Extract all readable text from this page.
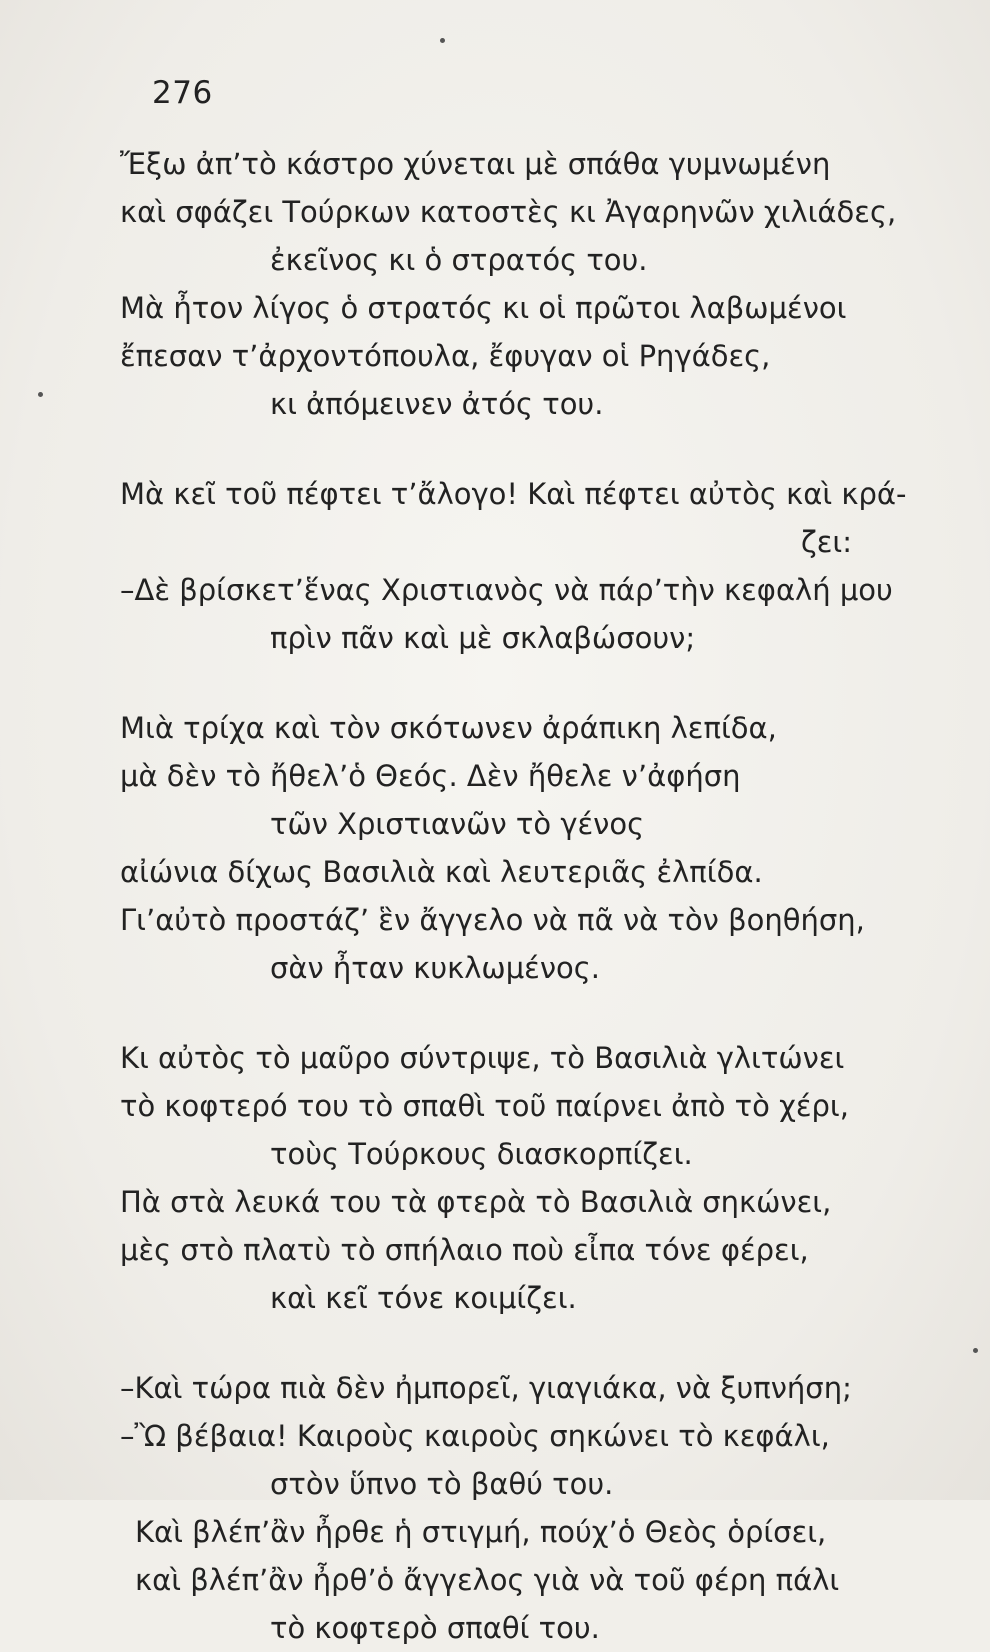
276
Ἔξω ἀπ’τὸ κάστρο χύνεται μὲ σπάθα γυμνωμένη
καὶ σφάζει Τούρκων κατοστὲς κι Ἀγαρηνῶν χιλιάδες,
ἐκεῖνος κι ὁ στρατός του.
Μὰ ἦτον λίγος ὁ στρατός κι οἱ πρῶτοι λαβωμένοι
ἔπεσαν τ’ἀρχοντόπουλα, ἔφυγαν οἱ Ρηγάδες,
κι ἀπόμεινεν ἀτός του.
Μὰ κεῖ τοῦ πέφτει τ’ἄλογο! Καὶ πέφτει αὐτὸς καὶ κρά-
ζει:
–Δὲ βρίσκετ’ἕνας Χριστιανὸς νὰ πάρ’τὴν κεφαλή μου
πρὶν πᾶν καὶ μὲ σκλαβώσουν;
Μιὰ τρίχα καὶ τὸν σκότωνεν ἀράπικη λεπίδα,
μὰ δὲν τὸ ἤθελ’ὁ Θεός. Δὲν ἤθελε ν’ἀφήση
τῶν Χριστιανῶν τὸ γένος
αἰώνια δίχως Βασιλιὰ καὶ λευτεριᾶς ἐλπίδα.
Γι’αὐτὸ προστάζ’ ἓν ἄγγελο νὰ πᾶ νὰ τὸν βοηθήση,
σὰν ἦταν κυκλωμένος.
Κι αὐτὸς τὸ μαῦρο σύντριψε, τὸ Βασιλιὰ γλιτώνει
τὸ κοφτερό του τὸ σπαθὶ τοῦ παίρνει ἀπὸ τὸ χέρι,
τοὺς Τούρκους διασκορπίζει.
Πὰ στὰ λευκά του τὰ φτερὰ τὸ Βασιλιὰ σηκώνει,
μὲς στὸ πλατὺ τὸ σπήλαιο ποὺ εἶπα τόνε φέρει,
καὶ κεῖ τόνε κοιμίζει.
–Καὶ τώρα πιὰ δὲν ἠμπορεῖ, γιαγιάκα, νὰ ξυπνήση;
–Ὢ βέβαια! Καιροὺς καιροὺς σηκώνει τὸ κεφάλι,
στὸν ὕπνο τὸ βαθύ του.
Καὶ βλέπ’ἂν ἦρθε ἡ στιγμή, πούχ’ὁ Θεὸς ὁρίσει,
καὶ βλέπ’ἂν ἦρθ’ὁ ἄγγελος γιὰ νὰ τοῦ φέρη πάλι
τὸ κοφτερὸ σπαθί του.
